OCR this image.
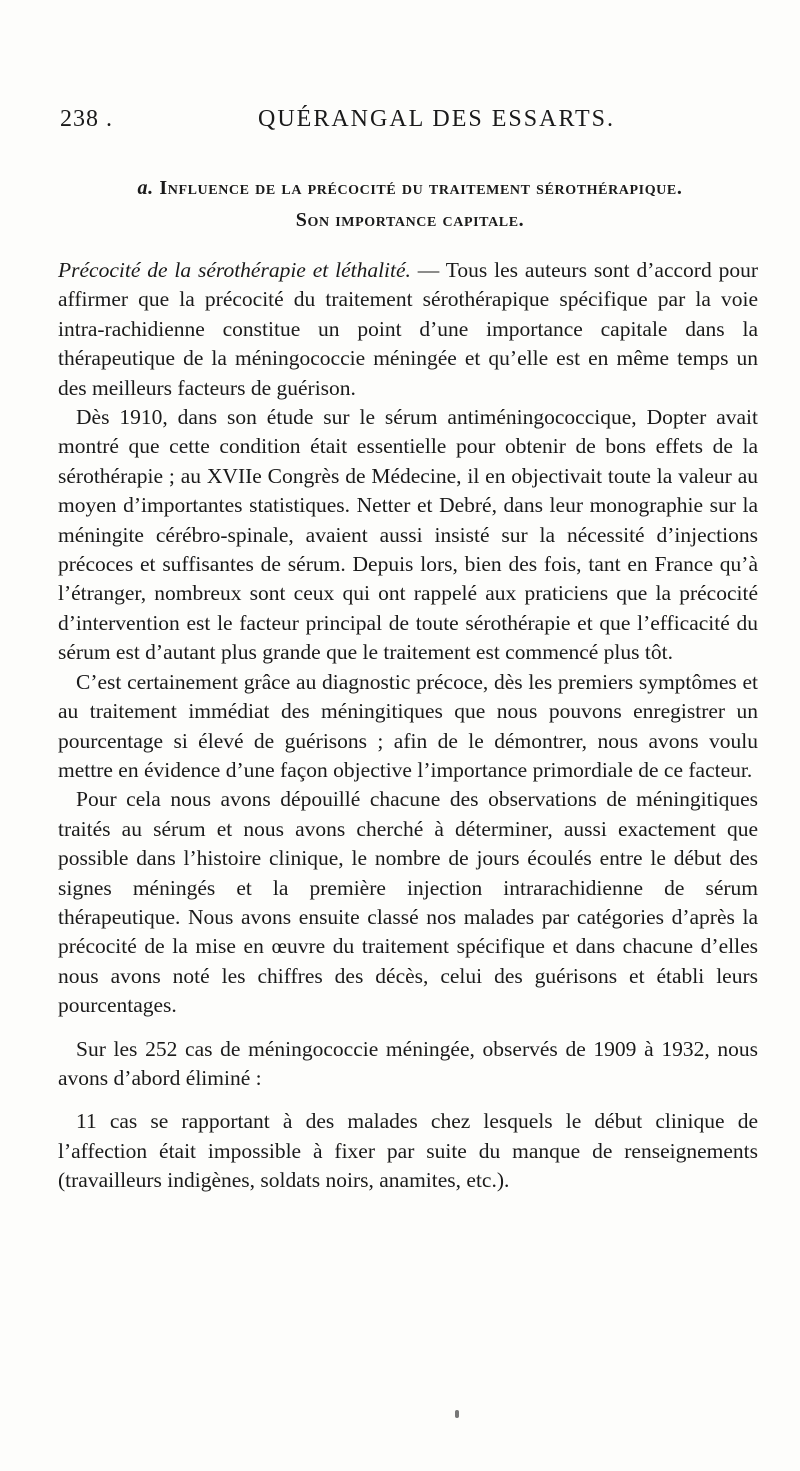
238 .	QUÉRANGAL DES ESSARTS.
a. Influence de la précocité du traitement sérothérapique.
Son importance capitale.

Précocité de la sérothérapie et léthalité. — Tous les auteurs sont d’accord pour affirmer que la précocité du traitement sérothérapique spécifique par la voie intra-rachidienne constitue un point d’une importance capitale dans la thérapeutique de la méningococcie méningée et qu’elle est en même temps un des meilleurs facteurs de guérison.

Dès 1910, dans son étude sur le sérum antiméningococcique, Dopter avait montré que cette condition était essentielle pour obtenir de bons effets de la sérothérapie ; au XVIIe Congrès de Médecine, il en objectivait toute la valeur au moyen d’importantes statistiques. Netter et Debré, dans leur monographie sur la méningite cérébro-spinale, avaient aussi insisté sur la nécessité d’injections précoces et suffisantes de sérum. Depuis lors, bien des fois, tant en France qu’à l’étranger, nombreux sont ceux qui ont rappelé aux praticiens que la précocité d’intervention est le facteur principal de toute sérothérapie et que l’efficacité du sérum est d’autant plus grande que le traitement est commencé plus tôt.

C’est certainement grâce au diagnostic précoce, dès les premiers symptômes et au traitement immédiat des méningitiques que nous pouvons enregistrer un pourcentage si élevé de guérisons ; afin de le démontrer, nous avons voulu mettre en évidence d’une façon objective l’importance primordiale de ce facteur.

Pour cela nous avons dépouillé chacune des observations de méningitiques traités au sérum et nous avons cherché à déterminer, aussi exactement que possible dans l’histoire clinique, le nombre de jours écoulés entre le début des signes méningés et la première injection intrarachidienne de sérum thérapeutique. Nous avons ensuite classé nos malades par catégories d’après la précocité de la mise en œuvre du traitement spécifique et dans chacune d’elles nous avons noté les chiffres des décès, celui des guérisons et établi leurs pourcentages.

Sur les 252 cas de méningococcie méningée, observés de 1909 à 1932, nous avons d’abord éliminé :

11 cas se rapportant à des malades chez lesquels le début clinique de l’affection était impossible à fixer par suite du manque de renseignements (travailleurs indigènes, soldats noirs, anamites, etc.).
